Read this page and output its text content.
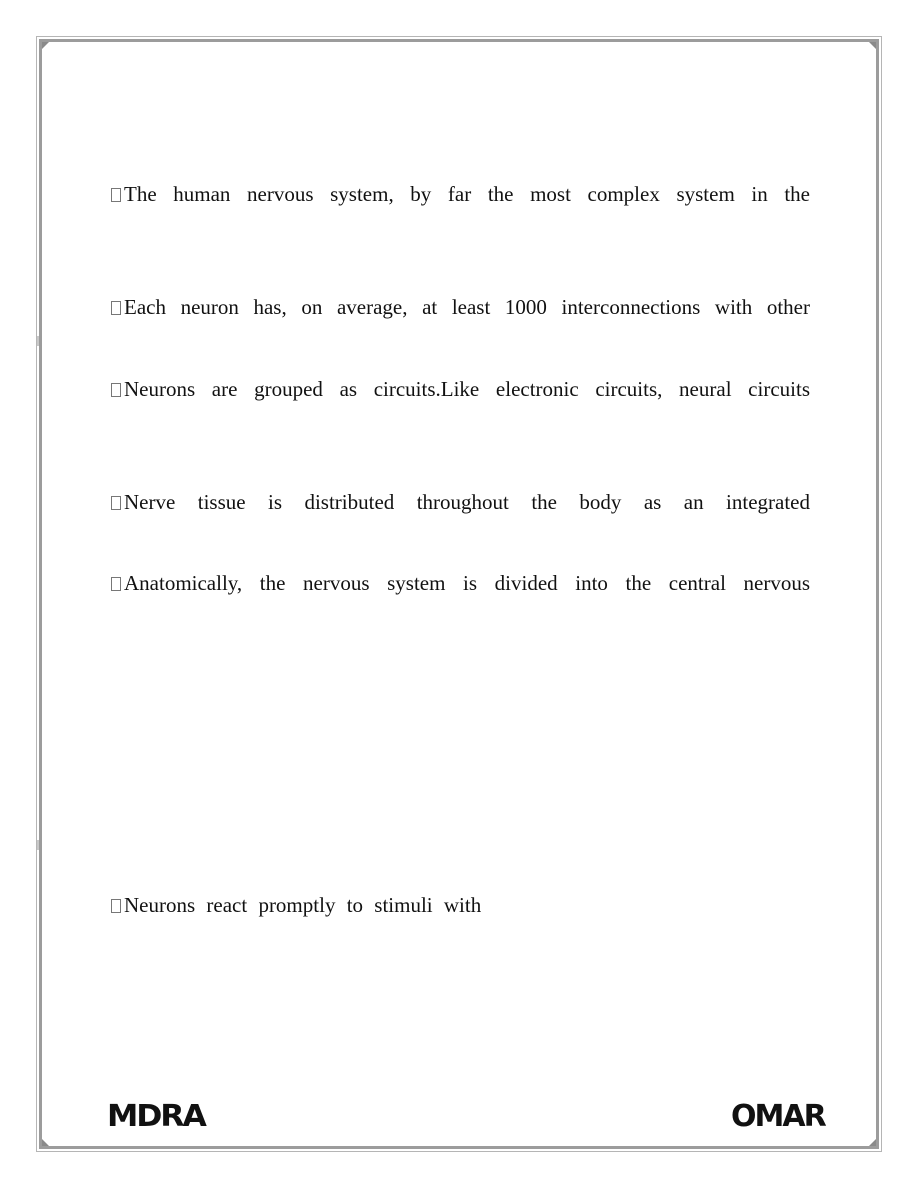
The human nervous system, by far the most complex system in the
Each neuron has, on average, at least 1000 interconnections with other
Neurons are grouped as circuits.Like electronic circuits, neural circuits
Nerve tissue is distributed throughout the body as an integrated
Anatomically, the nervous system is divided into the central nervous
Neurons react promptly to stimuli with
MDRA	OMAR
